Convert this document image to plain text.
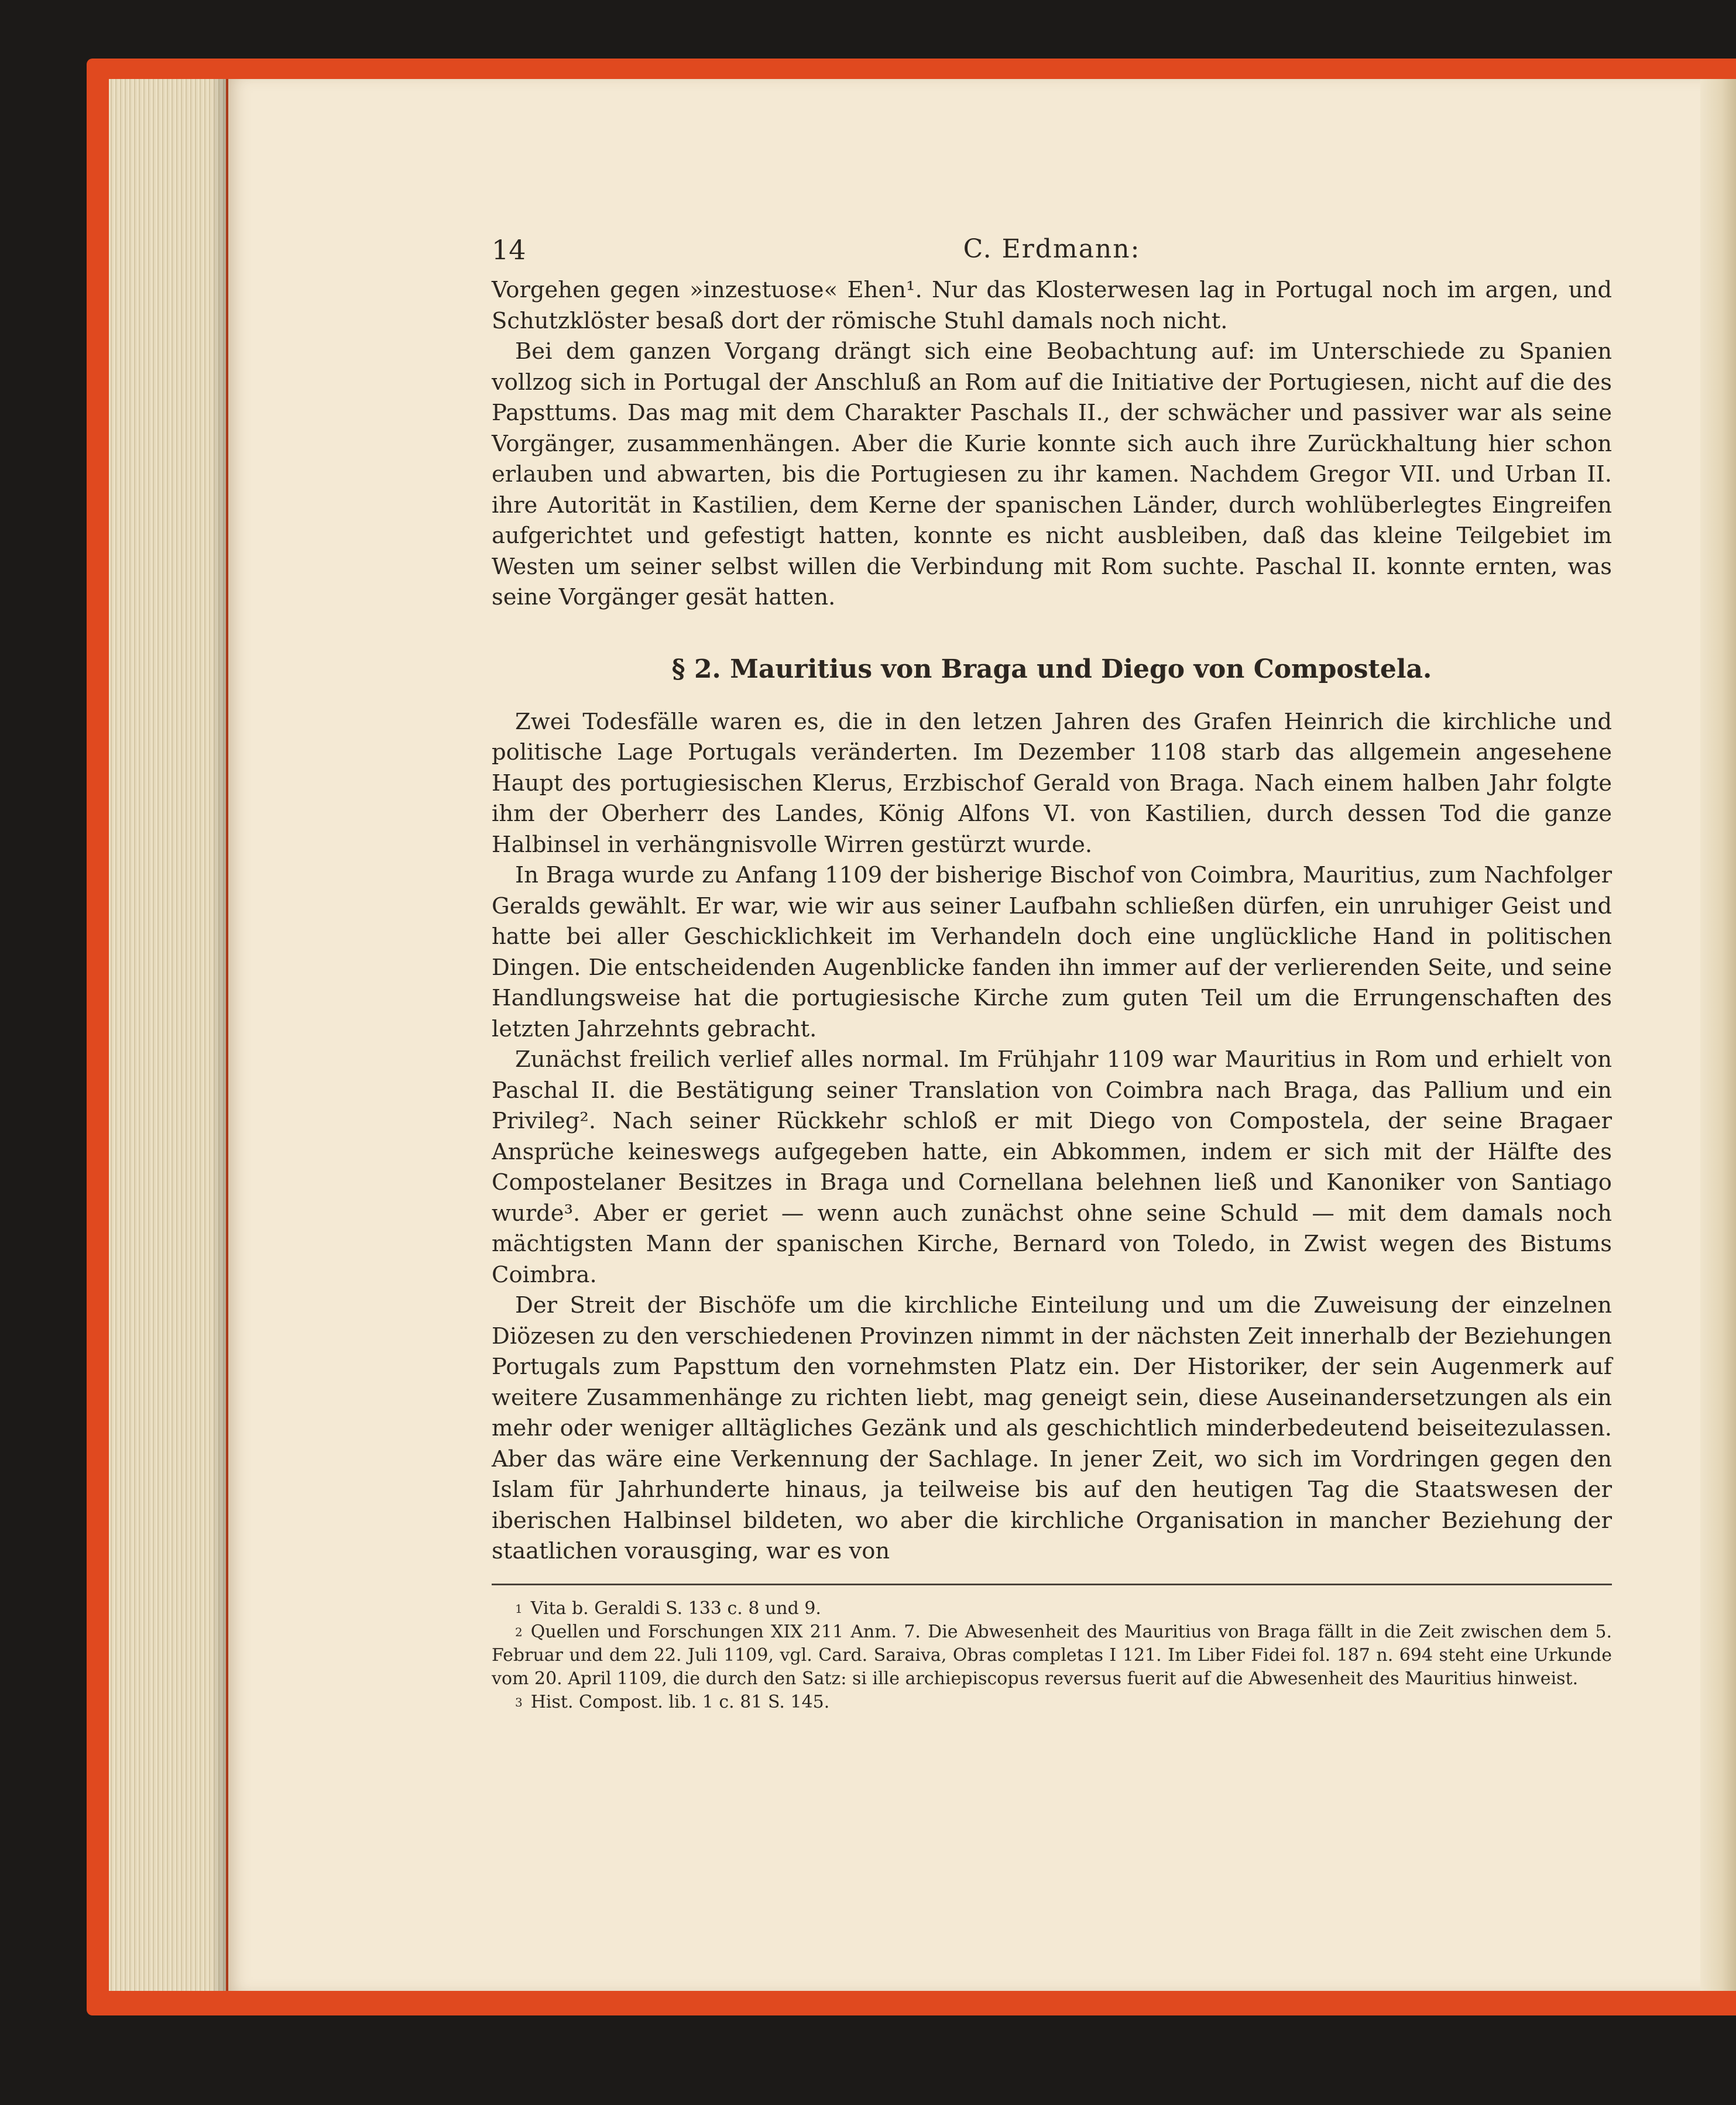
14	C. Erdmann:

Vorgehen gegen »inzestuose« Ehen¹. Nur das Klosterwesen lag in Portugal noch im argen, und Schutzklöster besaß dort der römische Stuhl damals noch nicht.

Bei dem ganzen Vorgang drängt sich eine Beobachtung auf: im Unterschiede zu Spanien vollzog sich in Portugal der Anschluß an Rom auf die Initiative der Portugiesen, nicht auf die des Papsttums. Das mag mit dem Charakter Paschals II., der schwächer und passiver war als seine Vorgänger, zusammenhängen. Aber die Kurie konnte sich auch ihre Zurückhaltung hier schon erlauben und abwarten, bis die Portugiesen zu ihr kamen. Nachdem Gregor VII. und Urban II. ihre Autorität in Kastilien, dem Kerne der spanischen Länder, durch wohlüberlegtes Eingreifen aufgerichtet und gefestigt hatten, konnte es nicht ausbleiben, daß das kleine Teilgebiet im Westen um seiner selbst willen die Verbindung mit Rom suchte. Paschal II. konnte ernten, was seine Vorgänger gesät hatten.

§ 2. Mauritius von Braga und Diego von Compostela.

Zwei Todesfälle waren es, die in den letzen Jahren des Grafen Heinrich die kirchliche und politische Lage Portugals veränderten. Im Dezember 1108 starb das allgemein angesehene Haupt des portugiesischen Klerus, Erzbischof Gerald von Braga. Nach einem halben Jahr folgte ihm der Oberherr des Landes, König Alfons VI. von Kastilien, durch dessen Tod die ganze Halbinsel in verhängnisvolle Wirren gestürzt wurde.

In Braga wurde zu Anfang 1109 der bisherige Bischof von Coimbra, Mauritius, zum Nachfolger Geralds gewählt. Er war, wie wir aus seiner Laufbahn schließen dürfen, ein unruhiger Geist und hatte bei aller Geschicklichkeit im Verhandeln doch eine unglückliche Hand in politischen Dingen. Die entscheidenden Augenblicke fanden ihn immer auf der verlierenden Seite, und seine Handlungsweise hat die portugiesische Kirche zum guten Teil um die Errungenschaften des letzten Jahrzehnts gebracht.

Zunächst freilich verlief alles normal. Im Frühjahr 1109 war Mauritius in Rom und erhielt von Paschal II. die Bestätigung seiner Translation von Coimbra nach Braga, das Pallium und ein Privileg². Nach seiner Rückkehr schloß er mit Diego von Compostela, der seine Bragaer Ansprüche keineswegs aufgegeben hatte, ein Abkommen, indem er sich mit der Hälfte des Compostelaner Besitzes in Braga und Cornellana belehnen ließ und Kanoniker von Santiago wurde³. Aber er geriet — wenn auch zunächst ohne seine Schuld — mit dem damals noch mächtigsten Mann der spanischen Kirche, Bernard von Toledo, in Zwist wegen des Bistums Coimbra.

Der Streit der Bischöfe um die kirchliche Einteilung und um die Zuweisung der einzelnen Diözesen zu den verschiedenen Provinzen nimmt in der nächsten Zeit innerhalb der Beziehungen Portugals zum Papsttum den vornehmsten Platz ein. Der Historiker, der sein Augenmerk auf weitere Zusammenhänge zu richten liebt, mag geneigt sein, diese Auseinandersetzungen als ein mehr oder weniger alltägliches Gezänk und als geschichtlich minderbedeutend beiseitezulassen. Aber das wäre eine Verkennung der Sachlage. In jener Zeit, wo sich im Vordringen gegen den Islam für Jahrhunderte hinaus, ja teilweise bis auf den heutigen Tag die Staatswesen der iberischen Halbinsel bildeten, wo aber die kirchliche Organisation in mancher Beziehung der staatlichen vorausging, war es von

$^1$ Vita b. Geraldi S. 133 c. 8 und 9.

$^2$ Quellen und Forschungen XIX 211 Anm. 7. Die Abwesenheit des Mauritius von Braga fällt in die Zeit zwischen dem 5. Februar und dem 22. Juli 1109, vgl. Card. Saraiva, Obras completas I 121. Im Liber Fidei fol. 187 n. 694 steht eine Urkunde vom 20. April 1109, die durch den Satz: si ille archiepiscopus reversus fuerit auf die Abwesenheit des Mauritius hinweist.

$^3$ Hist. Compost. lib. 1 c. 81 S. 145.
